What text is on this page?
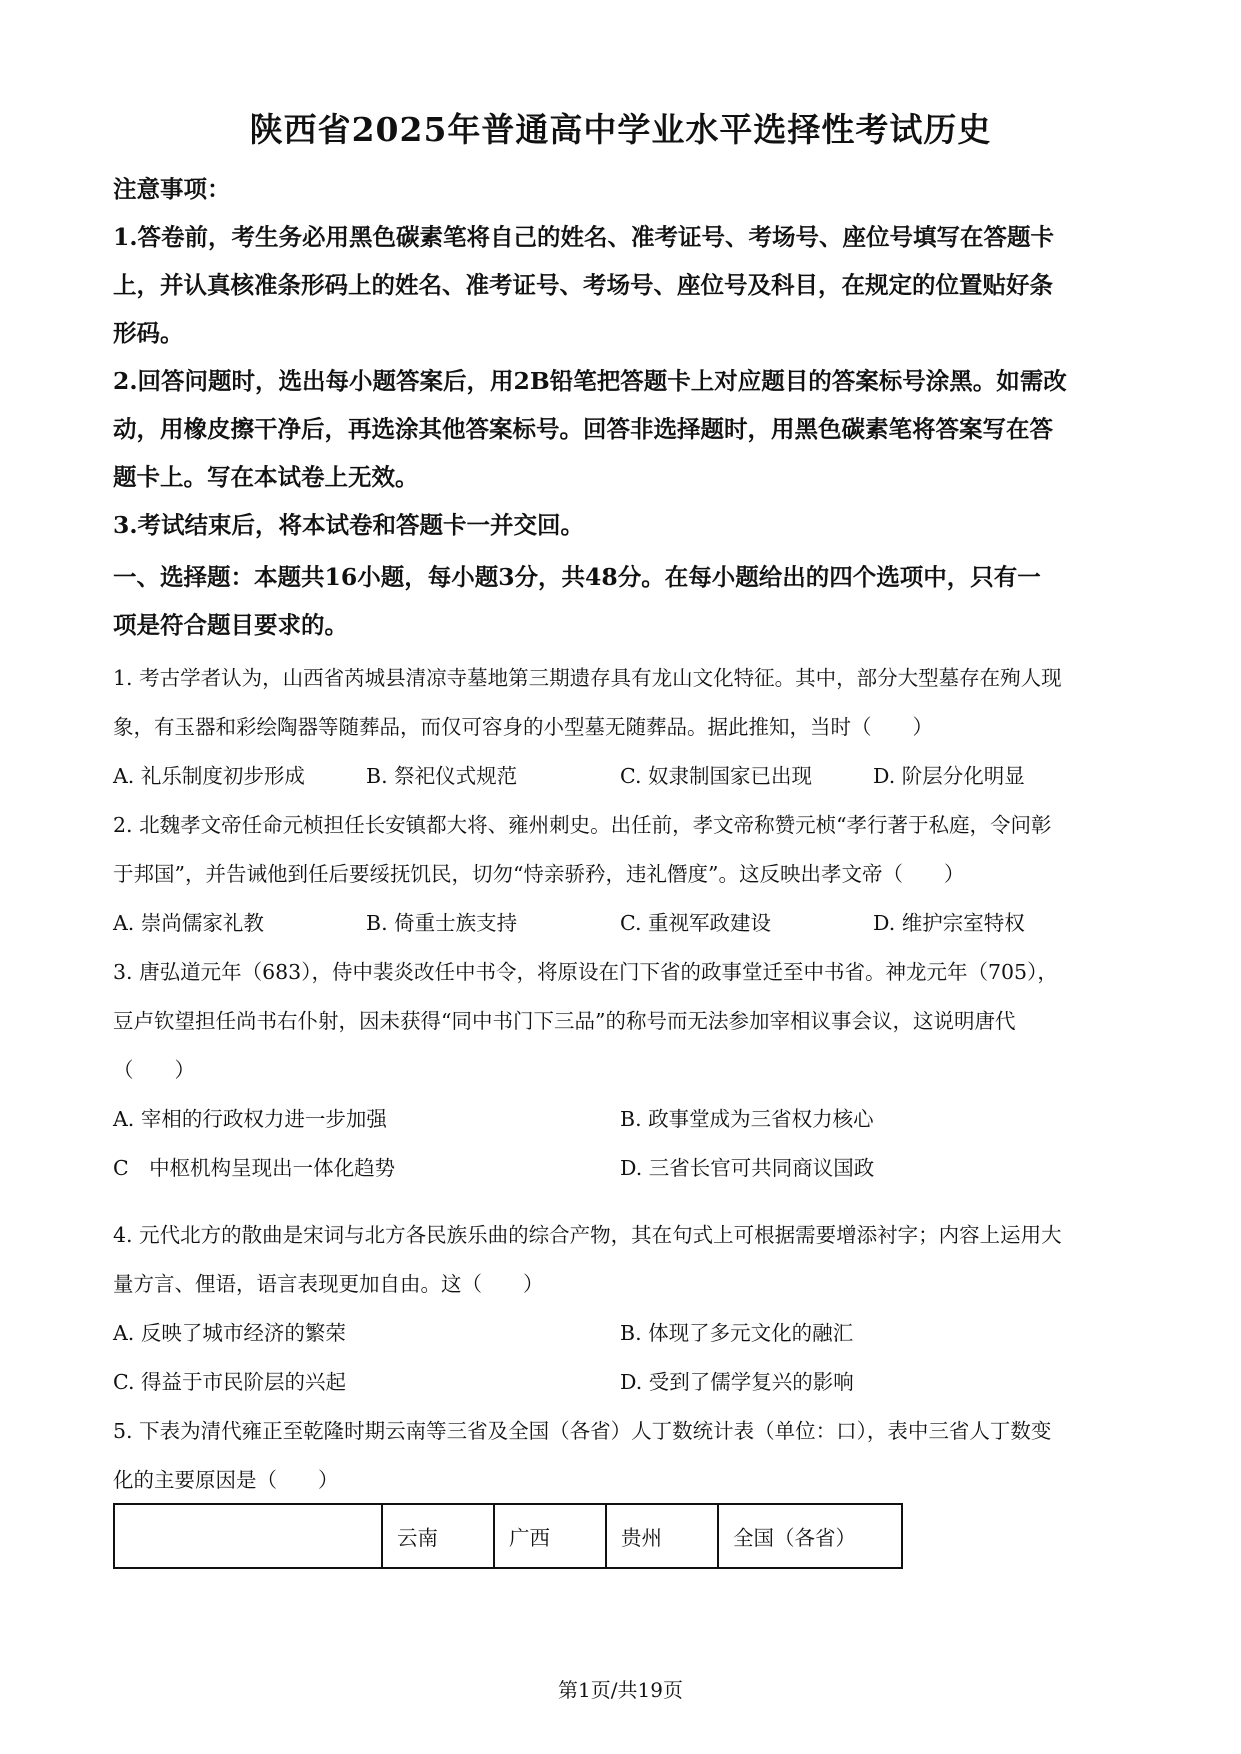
陕西省2025年普通高中学业水平选择性考试历史
注意事项：
1.答卷前，考生务必用黑色碳素笔将自己的姓名、准考证号、考场号、座位号填写在答题卡
上，并认真核准条形码上的姓名、准考证号、考场号、座位号及科目，在规定的位置贴好条
形码。
2.回答问题时，选出每小题答案后，用2B铅笔把答题卡上对应题目的答案标号涂黑。如需改
动，用橡皮擦干净后，再选涂其他答案标号。回答非选择题时，用黑色碳素笔将答案写在答
题卡上。写在本试卷上无效。
3.考试结束后，将本试卷和答题卡一并交回。
一、选择题：本题共16小题，每小题3分，共48分。在每小题给出的四个选项中，只有一
项是符合题目要求的。
1. 考古学者认为，山西省芮城县清凉寺墓地第三期遗存具有龙山文化特征。其中，部分大型墓存在殉人现
象，有玉器和彩绘陶器等随葬品，而仅可容身的小型墓无随葬品。据此推知，当时（　　）
A. 礼乐制度初步形成	B. 祭祀仪式规范	C. 奴隶制国家已出现	D. 阶层分化明显
2. 北魏孝文帝任命元桢担任长安镇都大将、雍州刺史。出任前，孝文帝称赞元桢“孝行著于私庭，令问彰
于邦国”，并告诫他到任后要绥抚饥民，切勿“恃亲骄矜，违礼僭度”。这反映出孝文帝（　　）
A. 崇尚儒家礼教	B. 倚重士族支持	C. 重视军政建设	D. 维护宗室特权
3. 唐弘道元年（683），侍中裴炎改任中书令，将原设在门下省的政事堂迁至中书省。神龙元年（705），
豆卢钦望担任尚书右仆射，因未获得“同中书门下三品”的称号而无法参加宰相议事会议，这说明唐代
（　　）
A. 宰相的行政权力进一步加强	B. 政事堂成为三省权力核心
C　中枢机构呈现出一体化趋势	D. 三省长官可共同商议国政
4. 元代北方的散曲是宋词与北方各民族乐曲的综合产物，其在句式上可根据需要增添衬字；内容上运用大
量方言、俚语，语言表现更加自由。这（　　）
A. 反映了城市经济的繁荣	B. 体现了多元文化的融汇
C. 得益于市民阶层的兴起	D. 受到了儒学复兴的影响
5. 下表为清代雍正至乾隆时期云南等三省及全国（各省）人丁数统计表（单位：口），表中三省人丁数变
化的主要原因是（　　）
	云南	广西	贵州	全国（各省）
第1页/共19页
